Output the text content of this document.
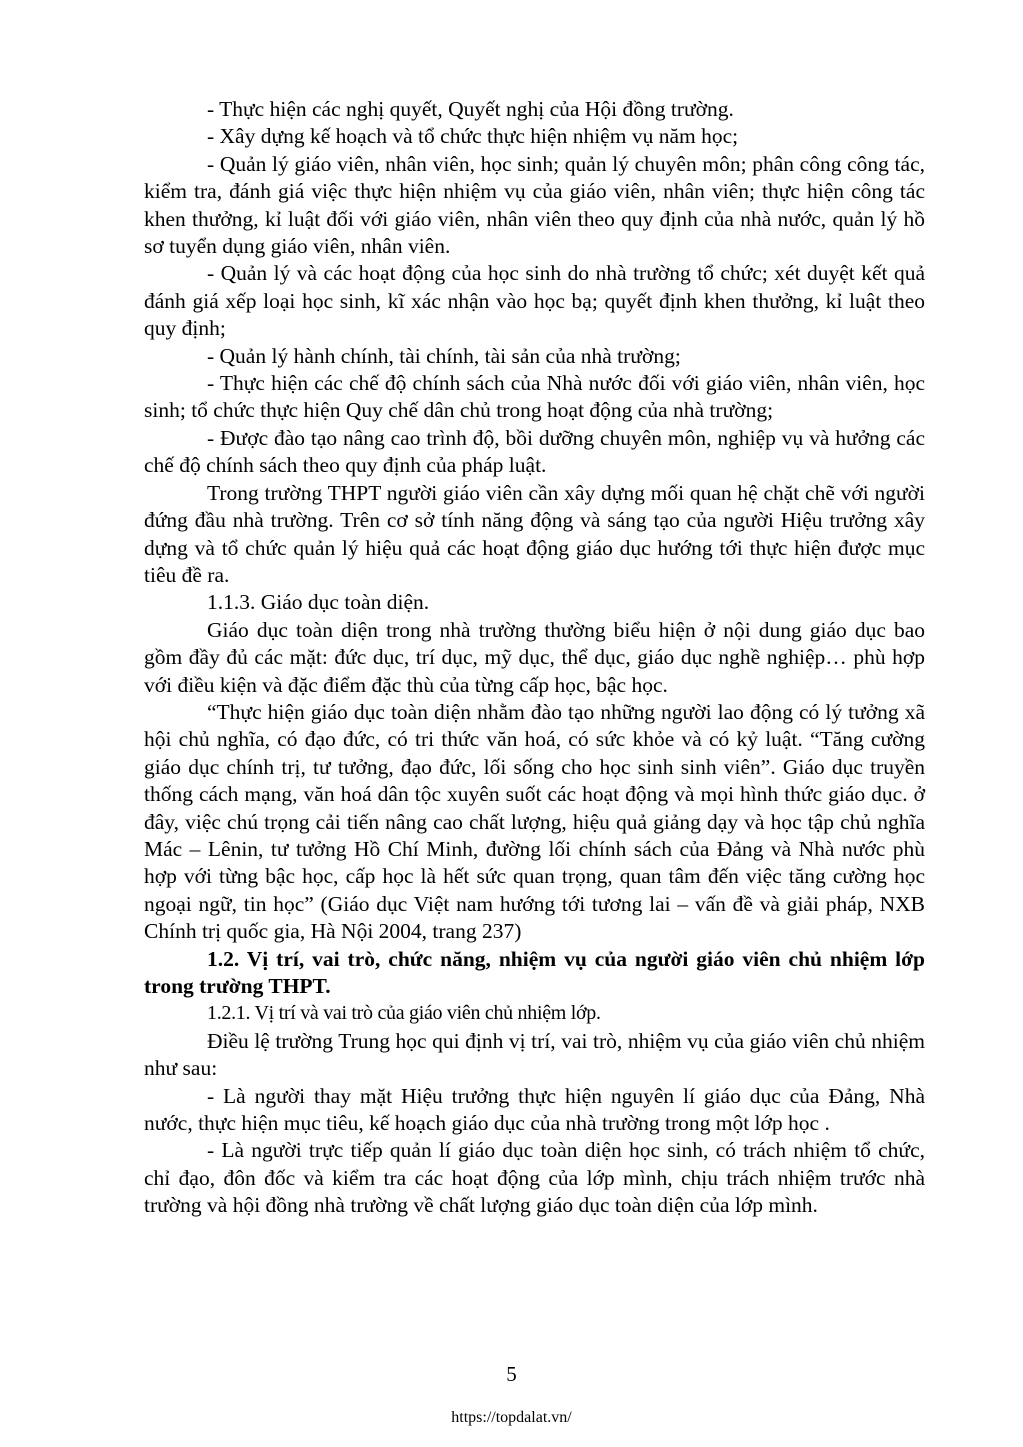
- Thực hiện các nghị quyết, Quyết nghị của Hội đồng trường.

- Xây dựng kế hoạch và tổ chức thực hiện nhiệm vụ năm học;

- Quản lý giáo viên, nhân viên, học sinh; quản lý chuyên môn; phân công công tác, kiểm tra, đánh giá việc thực hiện nhiệm vụ của giáo viên, nhân viên; thực hiện công tác khen thưởng, kỉ luật đối với giáo viên, nhân viên theo quy định của nhà nước, quản lý hồ sơ tuyển dụng giáo viên, nhân viên.

- Quản lý và các hoạt động của học sinh do nhà trường tổ chức; xét duyệt kết quả đánh giá xếp loại học sinh, kĩ xác nhận vào học bạ; quyết định khen thưởng, kỉ luật theo quy định;

- Quản lý hành chính, tài chính, tài sản của nhà trường;

- Thực hiện các chế độ chính sách của Nhà nước đối với giáo viên, nhân viên, học sinh; tổ chức thực hiện Quy chế dân chủ trong hoạt động của nhà trường;

- Được đào tạo nâng cao trình độ, bồi dưỡng chuyên môn, nghiệp vụ và hưởng các chế độ chính sách theo quy định của pháp luật.

Trong trường THPT người giáo viên cần xây dựng mối quan hệ chặt chẽ với người đứng đầu nhà trường. Trên cơ sở tính năng động và sáng tạo của người Hiệu trưởng xây dựng và tổ chức quản lý hiệu quả các hoạt động giáo dục hướng tới thực hiện được mục tiêu đề ra.

1.1.3. Giáo dục toàn diện.

Giáo dục toàn diện trong nhà trường thường biểu hiện ở nội dung giáo dục bao gồm đầy đủ các mặt: đức dục, trí dục, mỹ dục, thể dục, giáo dục nghề nghiệp… phù hợp với điều kiện và đặc điểm đặc thù của từng cấp học, bậc học.

“Thực hiện giáo dục toàn diện nhằm đào tạo những người lao động có lý tưởng xã hội chủ nghĩa, có đạo đức, có tri thức văn hoá, có sức khỏe và có kỷ luật. “Tăng cường giáo dục chính trị, tư tưởng, đạo đức, lối sống cho học sinh sinh viên”. Giáo dục truyền thống cách mạng, văn hoá dân tộc xuyên suốt các hoạt động và mọi hình thức giáo dục. ở đây, việc chú trọng cải tiến nâng cao chất lượng, hiệu quả giảng dạy và học tập chủ nghĩa Mác – Lênin, tư tưởng Hồ Chí Minh, đường lối chính sách của Đảng và Nhà nước phù hợp với từng bậc học, cấp học là hết sức quan trọng, quan tâm đến việc tăng cường học ngoại ngữ, tin học” (Giáo dục Việt nam hướng tới tương lai – vấn đề và giải pháp, NXB Chính trị quốc gia, Hà Nội 2004, trang 237)

1.2. Vị trí, vai trò, chức năng, nhiệm vụ của người giáo viên chủ nhiệm lớp trong trường THPT.

1.2.1. Vị trí và vai trò của giáo viên chủ nhiệm lớp.

Điều lệ trường Trung học qui định vị trí, vai trò, nhiệm vụ của giáo viên chủ nhiệm như sau:

- Là người thay mặt Hiệu trưởng thực hiện nguyên lí giáo dục của Đảng, Nhà nước, thực hiện mục tiêu, kế hoạch giáo dục của nhà trường trong một lớp học .

- Là người trực tiếp quản lí giáo dục toàn diện học sinh, có trách nhiệm tổ chức, chỉ đạo, đôn đốc và kiểm tra các hoạt động của lớp mình, chịu trách nhiệm trước nhà trường và hội đồng nhà trường về chất lượng giáo dục toàn diện của lớp mình.

5
https://topdalat.vn/
